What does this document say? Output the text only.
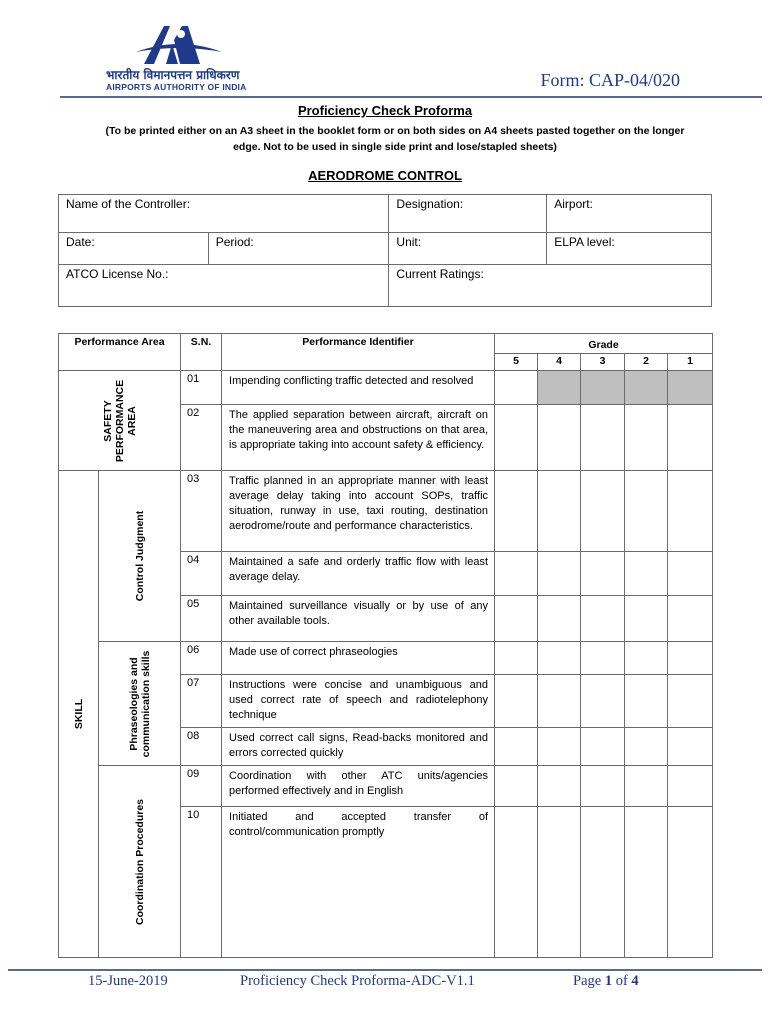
भारतीय विमानपत्तन प्राधिकरण
AIRPORTS AUTHORITY OF INDIA	Form: CAP-04/020
Proficiency Check Proforma
(To be printed either on an A3 sheet in the booklet form or on both sides on A4 sheets pasted together on the longer edge. Not to be used in single side print and lose/stapled sheets)
AERODROME CONTROL
Name of the Controller:		Designation:	Airport:
Date:	Period:	Unit:	ELPA level:
ATCO License No.:		Current Ratings:	
Performance Area		S.N.	Performance Identifier	Grade				
				5	4	3	2	1

SAFETY PERFORMANCE AREA		01	Impending conflicting traffic detected and resolved					
		02	The applied separation between aircraft, aircraft on the maneuvering area and obstructions on that area, is appropriate taking into account safety & efficiency.					

SKILL	Control Judgment	03	Traffic planned in an appropriate manner with least average delay taking into account SOPs, traffic situation, runway in use, taxi routing, destination aerodrome/route and performance characteristics.					
		04	Maintained a safe and orderly traffic flow with least average delay.					
		05	Maintained surveillance visually or by use of any other available tools.					

	Phraseologies and communication skills	06	Made use of correct phraseologies					
		07	Instructions were concise and unambiguous and used correct rate of speech and radiotelephony technique					
		08	Used correct call signs, Read-backs monitored and errors corrected quickly					

	Coordination Procedures	09	Coordination with other ATC units/agencies performed effectively and in English					
		10	Initiated and accepted transfer of control/communication promptly					
15-June-2019	Proficiency Check Proforma-ADC-V1.1	Page 1 of 4
